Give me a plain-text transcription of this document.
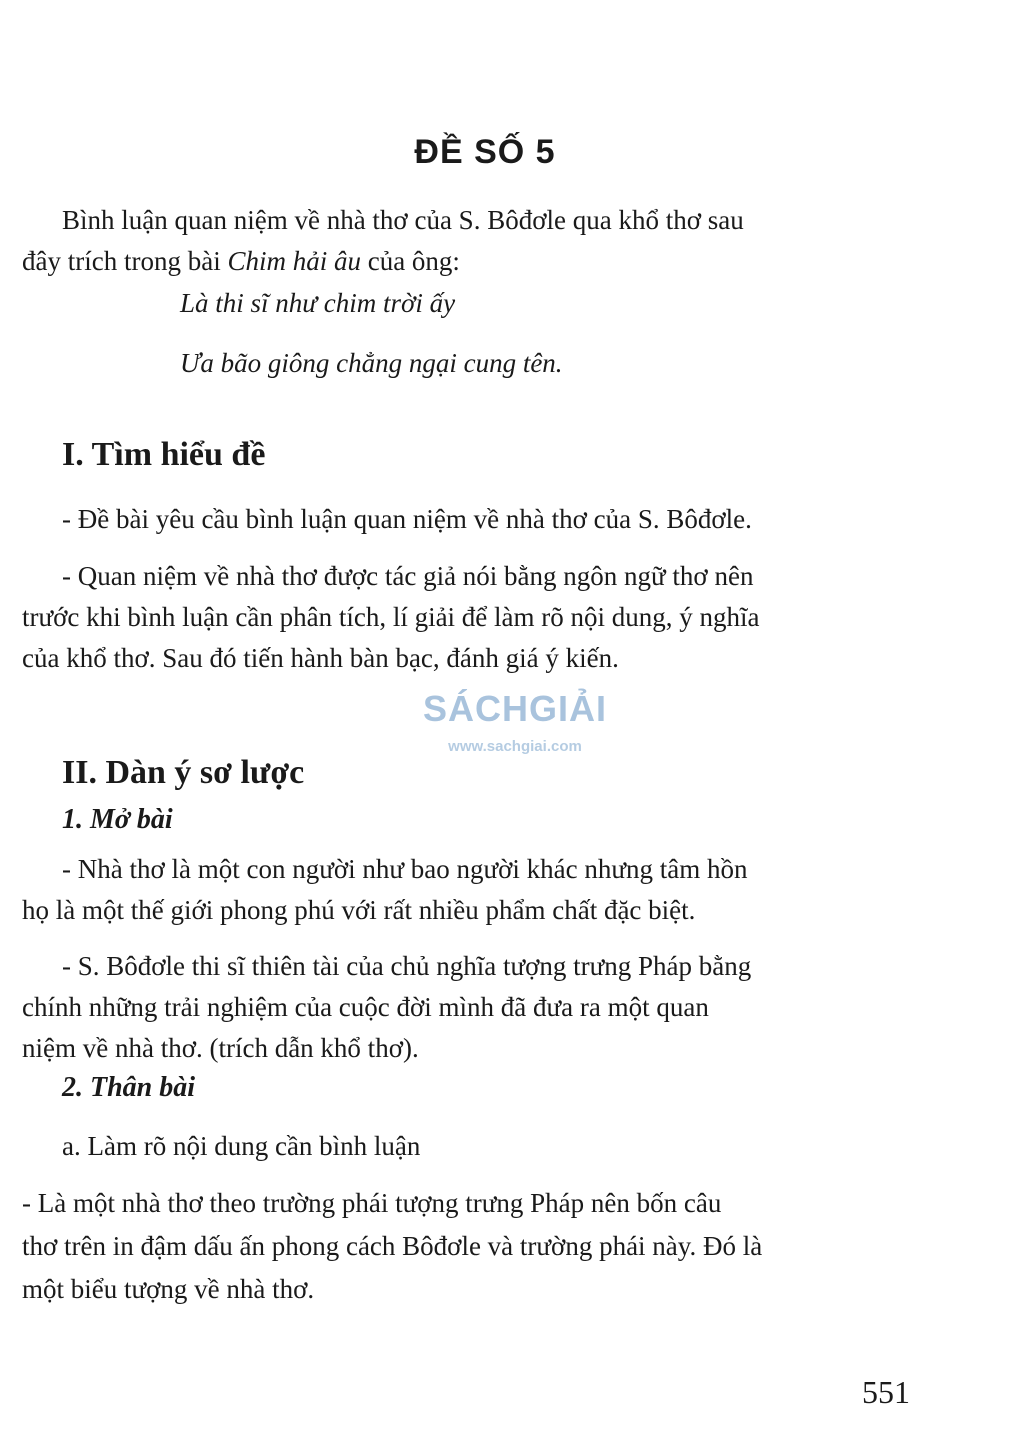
ĐỀ SỐ 5
Bình luận quan niệm về nhà thơ của S. Bôđơle qua khổ thơ sau
đây trích trong bài Chim hải âu của ông:
Là thi sĩ như chim trời ấy
Ưa bão giông chẳng ngại cung tên.
I. Tìm hiểu đề
- Đề bài yêu cầu bình luận quan niệm về nhà thơ của S. Bôđơle.
- Quan niệm về nhà thơ được tác giả nói bằng ngôn ngữ thơ nên
trước khi bình luận cần phân tích, lí giải để làm rõ nội dung, ý nghĩa
của khổ thơ. Sau đó tiến hành bàn bạc, đánh giá ý kiến.
SÁCHGIẢI
www.sachgiai.com
II. Dàn ý sơ lược
1. Mở bài
- Nhà thơ là một con người như bao người khác nhưng tâm hồn
họ là một thế giới phong phú với rất nhiều phẩm chất đặc biệt.
- S. Bôđơle thi sĩ thiên tài của chủ nghĩa tượng trưng Pháp bằng
chính những trải nghiệm của cuộc đời mình đã đưa ra một quan
niệm về nhà thơ. (trích dẫn khổ thơ).
2. Thân bài
a. Làm rõ nội dung cần bình luận
- Là một nhà thơ theo trường phái tượng trưng Pháp nên bốn câu
thơ trên in đậm dấu ấn phong cách Bôđơle và trường phái này. Đó là
một biểu tượng về nhà thơ.
551
